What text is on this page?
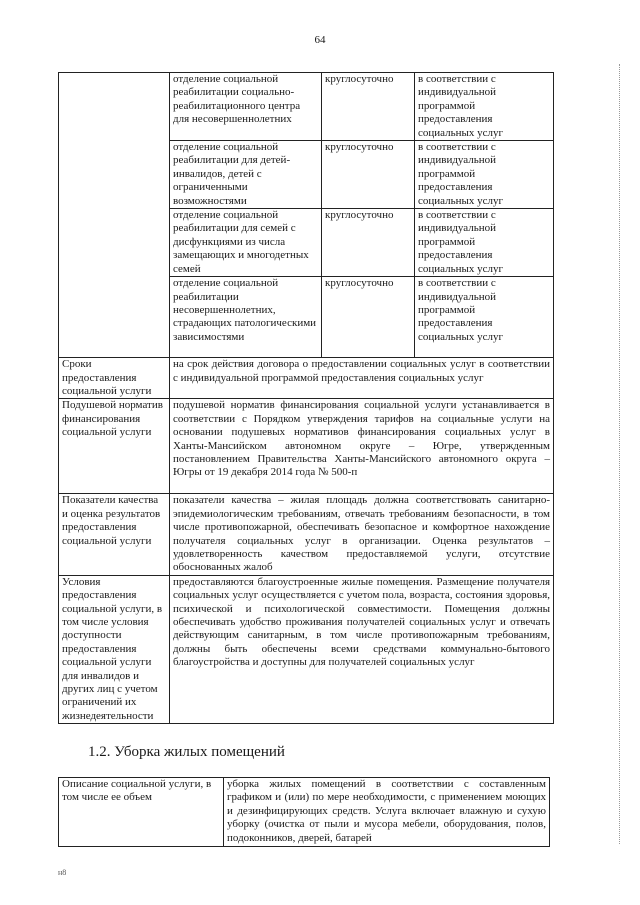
64
	отделение социальной реабилитации социально-реабилитационного центра для несовершеннолетних	круглосуточно	в соответствии с индивидуальной программой предоставления социальных услуг
	отделение социальной реабилитации для детей-инвалидов, детей с ограниченными возможностями	круглосуточно	в соответствии с индивидуальной программой предоставления социальных услуг
	отделение социальной реабилитации для семей с дисфункциями из числа замещающих и многодетных семей	круглосуточно	в соответствии с индивидуальной программой предоставления социальных услуг
	отделение социальной реабилитации несовершеннолетних, страдающих патологическими зависимостями	круглосуточно	в соответствии с индивидуальной программой предоставления социальных услуг
Сроки предоставления социальной услуги	на срок действия договора о предоставлении социальных услуг в соответствии с индивидуальной программой предоставления социальных услуг		
Подушевой норматив финансирования социальной услуги	подушевой норматив финансирования социальной услуги устанавливается в соответствии с Порядком утверждения тарифов на социальные услуги на основании подушевых нормативов финансирования социальных услуг в Ханты-Мансийском автономном округе – Югре, утвержденным постановлением Правительства Ханты-Мансийского автономного округа – Югры от 19 декабря 2014 года № 500-п		
Показатели качества и оценка результатов предоставления социальной услуги	показатели качества – жилая площадь должна соответствовать санитарно-эпидемиологическим требованиям, отвечать требованиям безопасности, в том числе противопожарной, обеспечивать безопасное и комфортное нахождение получателя социальных услуг в организации. Оценка результатов – удовлетворенность качеством предоставляемой услуги, отсутствие обоснованных жалоб		
Условия предоставления социальной услуги, в том числе условия доступности предоставления социальной услуги для инвалидов и других лиц с учетом ограничений их жизнедеятельности	предоставляются благоустроенные жилые помещения. Размещение получателя социальных услуг осуществляется с учетом пола, возраста, состояния здоровья, психической и психологической совместимости. Помещения должны обеспечивать удобство проживания получателей социальных услуг и отвечать действующим санитарным, в том числе противопожарным требованиям, должны быть обеспечены всеми средствами коммунально-бытового благоустройства и доступны для получателей социальных услуг		
1.2. Уборка жилых помещений
Описание социальной услуги, в том числе ее объем	уборка жилых помещений в соответствии с составленным графиком и (или) по мере необходимости, с применением моющих и дезинфицирующих средств. Услуга включает влажную и сухую уборку (очистка от пыли и мусора мебели, оборудования, полов, подоконников, дверей, батарей
н8
